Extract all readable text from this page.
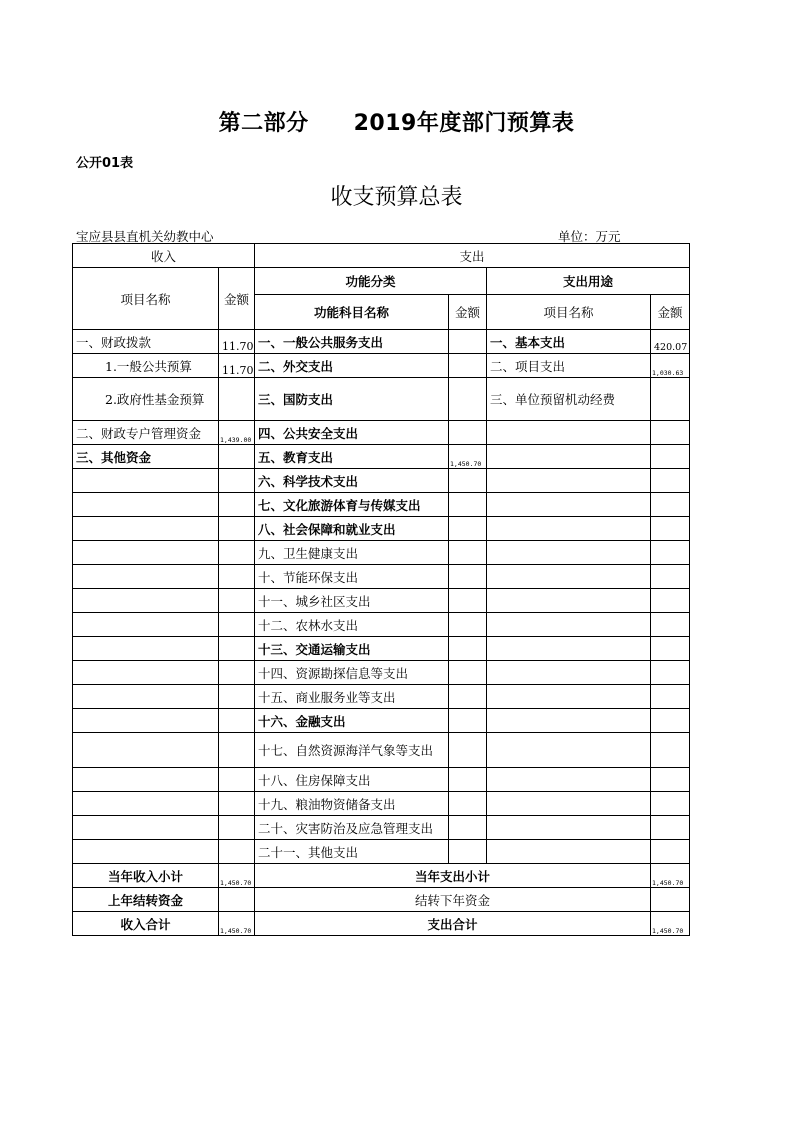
第二部分　　2019年度部门预算表
公开01表
收支预算总表
宝应县县直机关幼教中心	单位：万元
收入		支出			
项目名称	金额	功能分类		支出用途	
		功能科目名称	金额	项目名称	金额
一、财政拨款	11.70	一、一般公共服务支出		一、基本支出	420.07
1.一般公共预算	11.70	二、外交支出		二、项目支出	1,030.63
2.政府性基金预算		三、国防支出		三、单位预留机动经费	
二、财政专户管理资金	1,439.00	四、公共安全支出			
三、其他资金		五、教育支出	1,450.70		
		六、科学技术支出			
		七、文化旅游体育与传媒支出			
		八、社会保障和就业支出			
		九、卫生健康支出			
		十、节能环保支出			
		十一、城乡社区支出			
		十二、农林水支出			
		十三、交通运输支出			
		十四、资源勘探信息等支出			
		十五、商业服务业等支出			
		十六、金融支出			
		十七、自然资源海洋气象等支出			
		十八、住房保障支出			
		十九、粮油物资储备支出			
		二十、灾害防治及应急管理支出			
		二十一、其他支出			
当年收入小计	1,450.70	当年支出小计			1,450.70
上年结转资金		结转下年资金			
收入合计	1,450.70	支出合计			1,450.70
